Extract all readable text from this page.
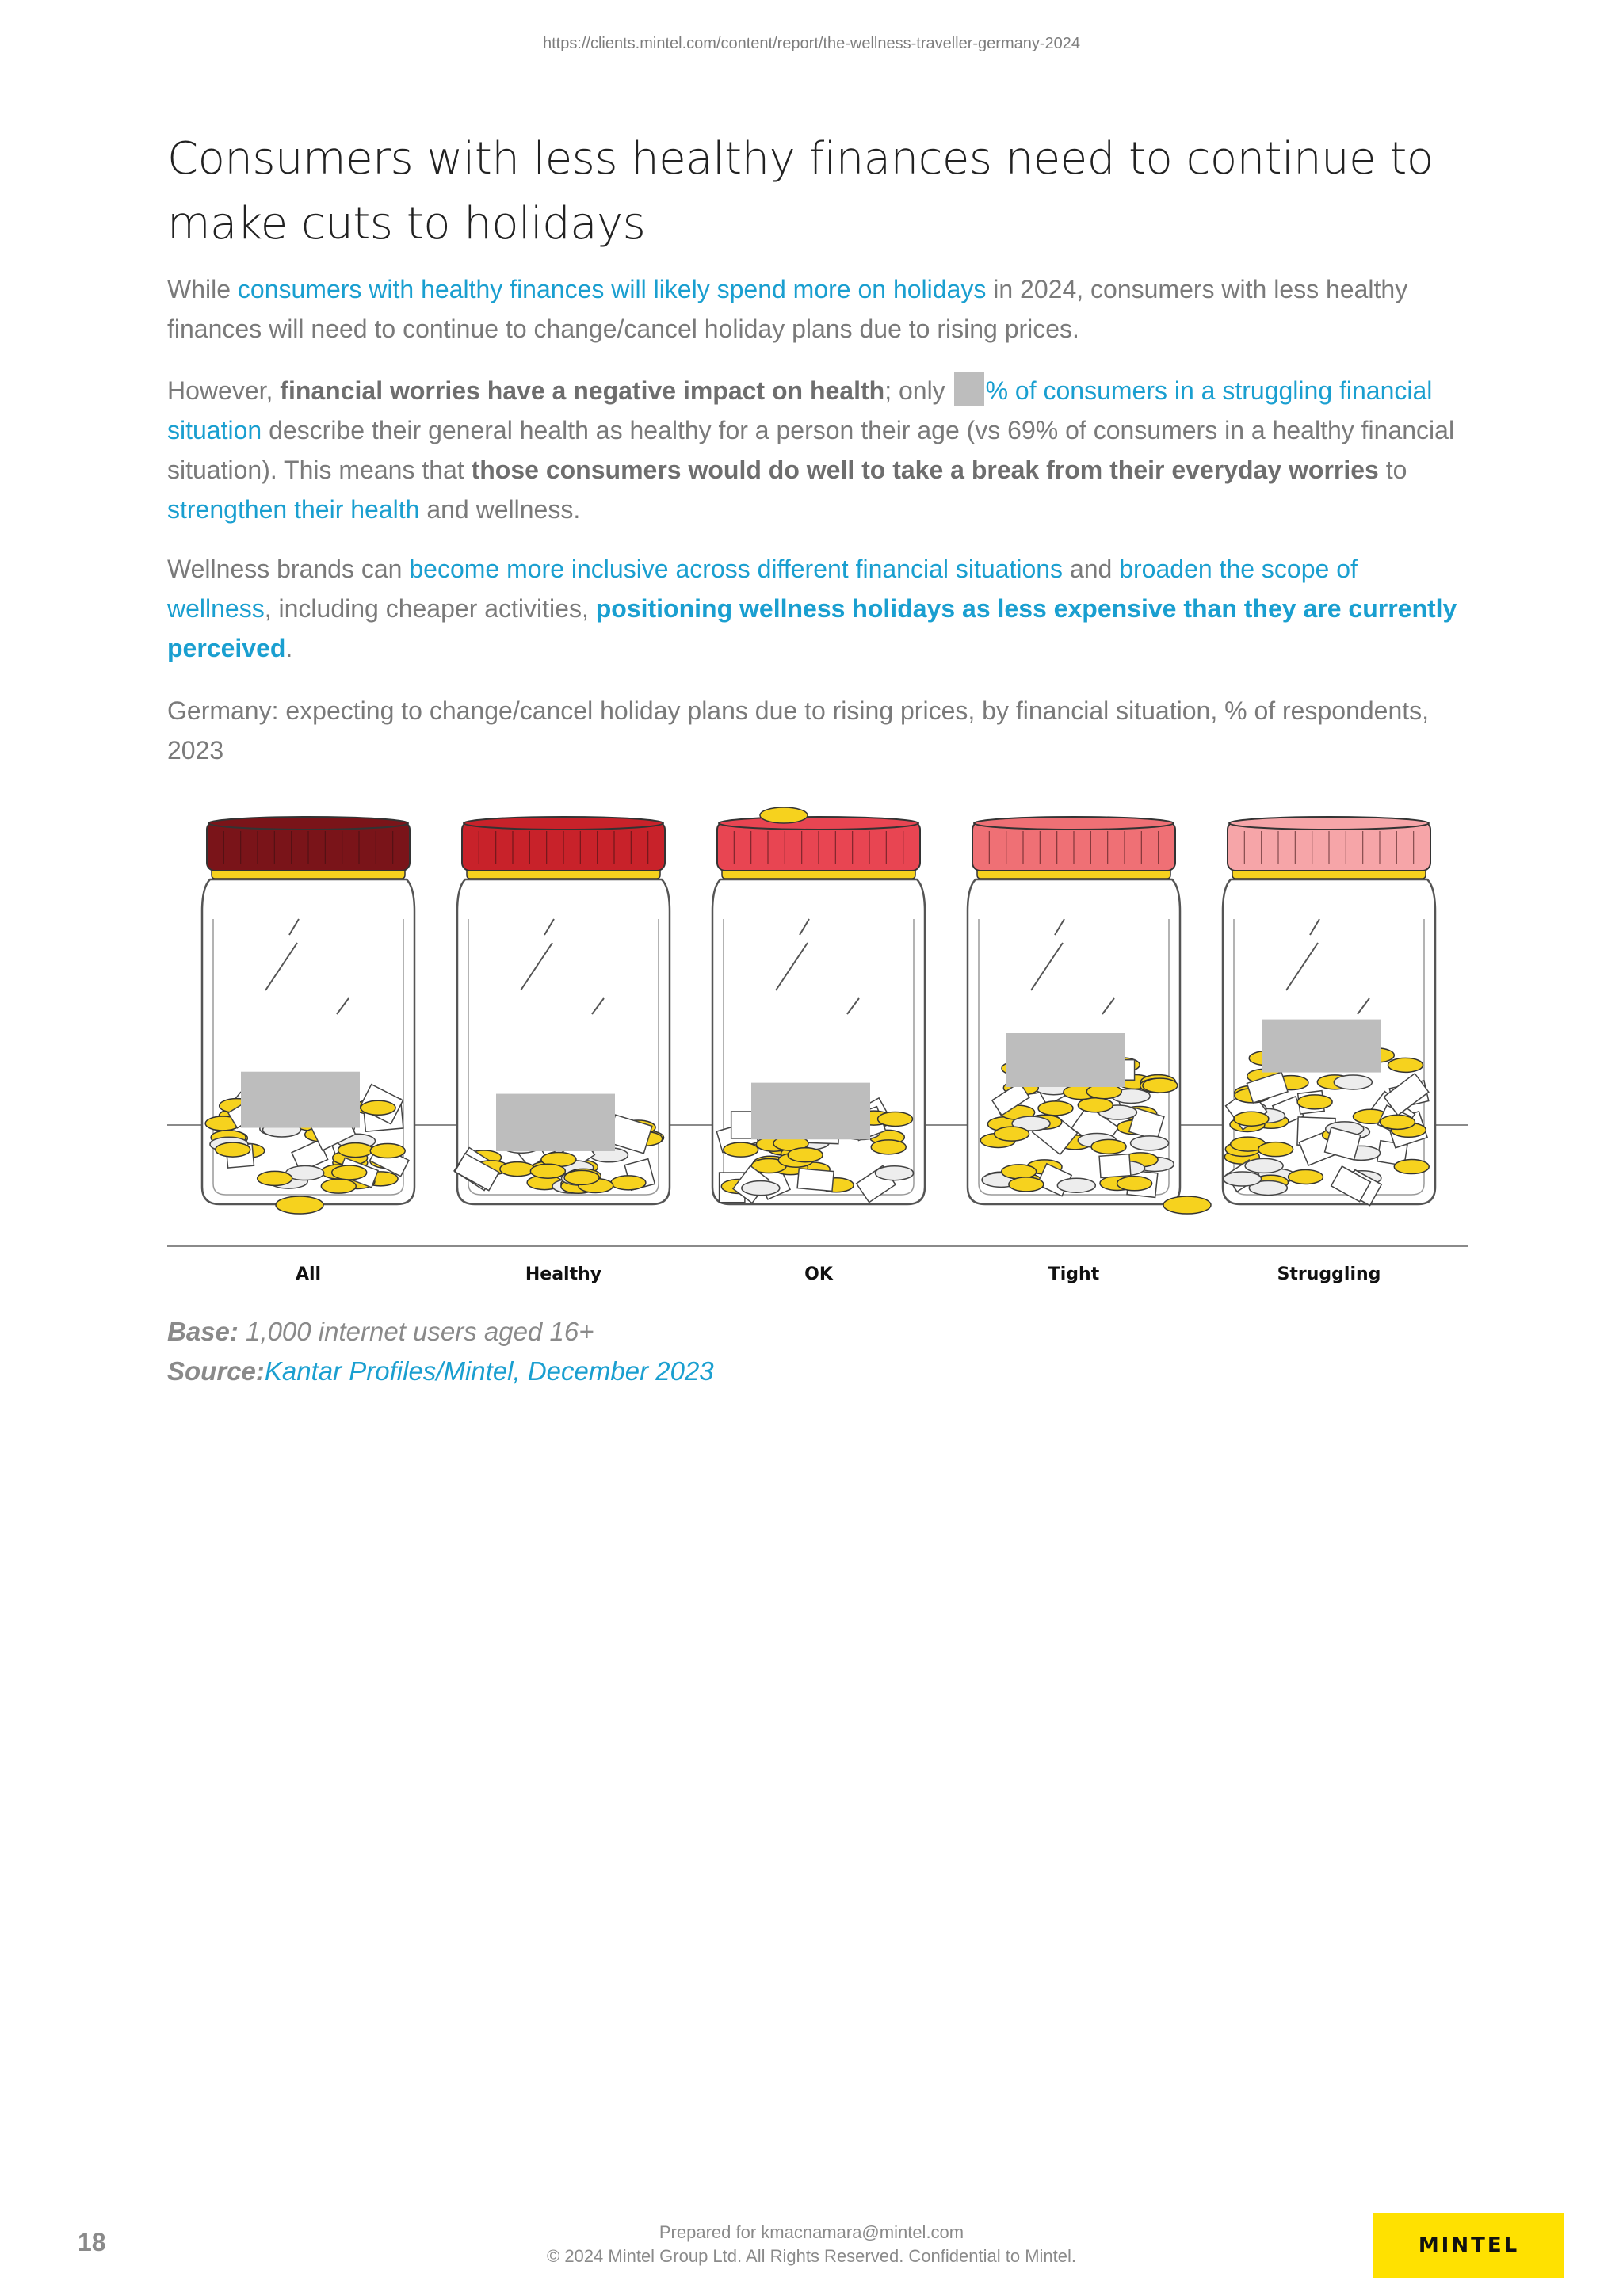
https://clients.mintel.com/content/report/the-wellness-traveller-germany-2024
Consumers with less healthy finances need to continue to make cuts to holidays

While consumers with healthy finances will likely spend more on holidays in 2024, consumers with less healthy finances will need to continue to change/cancel holiday plans due to rising prices.

However, financial worries have a negative impact on health; only % of consumers in a struggling financial situation describe their general health as healthy for a person their age (vs 69% of consumers in a healthy financial situation). This means that those consumers would do well to take a break from their everyday worries to strengthen their health and wellness.

Wellness brands can become more inclusive across different financial situations and broaden the scope of wellness, including cheaper activities, positioning wellness holidays as less expensive than they are currently perceived.

Germany: expecting to change/cancel holiday plans due to rising prices, by financial situation, % of respondents, 2023

All	Healthy	OK	Tight	Struggling
Base: 1,000 internet users aged 16+
Source:Kantar Profiles/Mintel, December 2023
18	Prepared for kmacnamara@mintel.com
© 2024 Mintel Group Ltd. All Rights Reserved. Confidential to Mintel.	MINTEL
